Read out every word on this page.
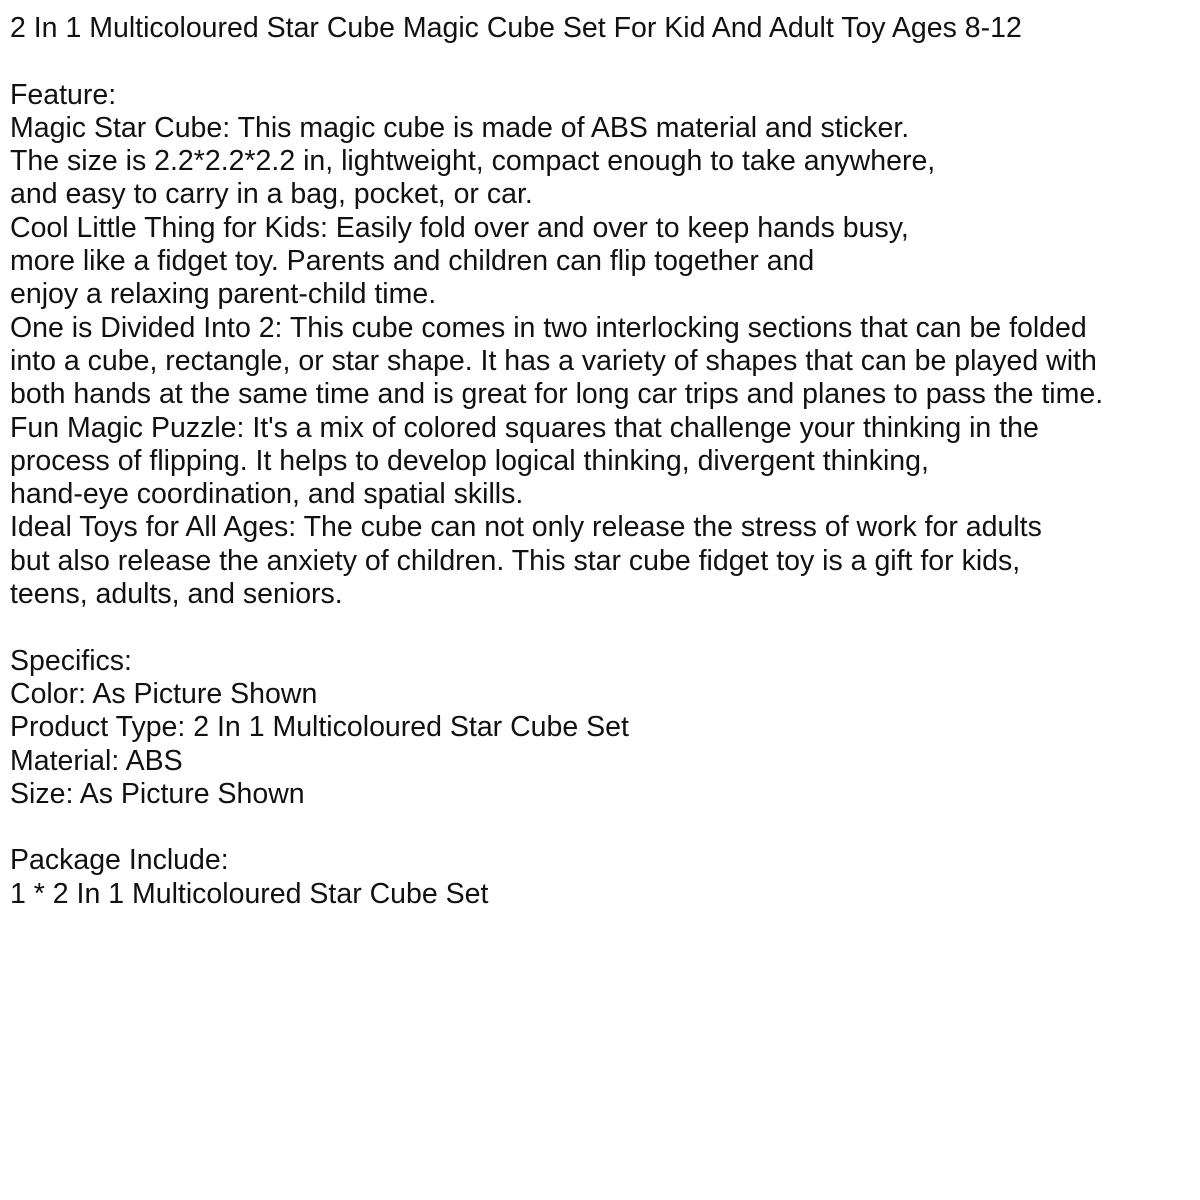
2 In 1 Multicoloured Star Cube Magic Cube Set For Kid And Adult Toy Ages 8-12
Feature:
Magic Star Cube: This magic cube is made of ABS material and sticker.
The size is 2.2*2.2*2.2 in, lightweight, compact enough to take anywhere,
and easy to carry in a bag, pocket, or car.
Cool Little Thing for Kids: Easily fold over and over to keep hands busy,
more like a fidget toy. Parents and children can flip together and
enjoy a relaxing parent-child time.
One is Divided Into 2: This cube comes in two interlocking sections that can be folded
into a cube, rectangle, or star shape. It has a variety of shapes that can be played with
both hands at the same time and is great for long car trips and planes to pass the time.
Fun Magic Puzzle: It's a mix of colored squares that challenge your thinking in the
process of flipping. It helps to develop logical thinking, divergent thinking,
hand-eye coordination, and spatial skills.
Ideal Toys for All Ages: The cube can not only release the stress of work for adults
but also release the anxiety of children. This star cube fidget toy is a gift for kids,
teens, adults, and seniors.
Specifics:
Color: As Picture Shown
Product Type: 2 In 1 Multicoloured Star Cube Set
Material: ABS
Size: As Picture Shown
Package Include:
1 * 2 In 1 Multicoloured Star Cube Set
